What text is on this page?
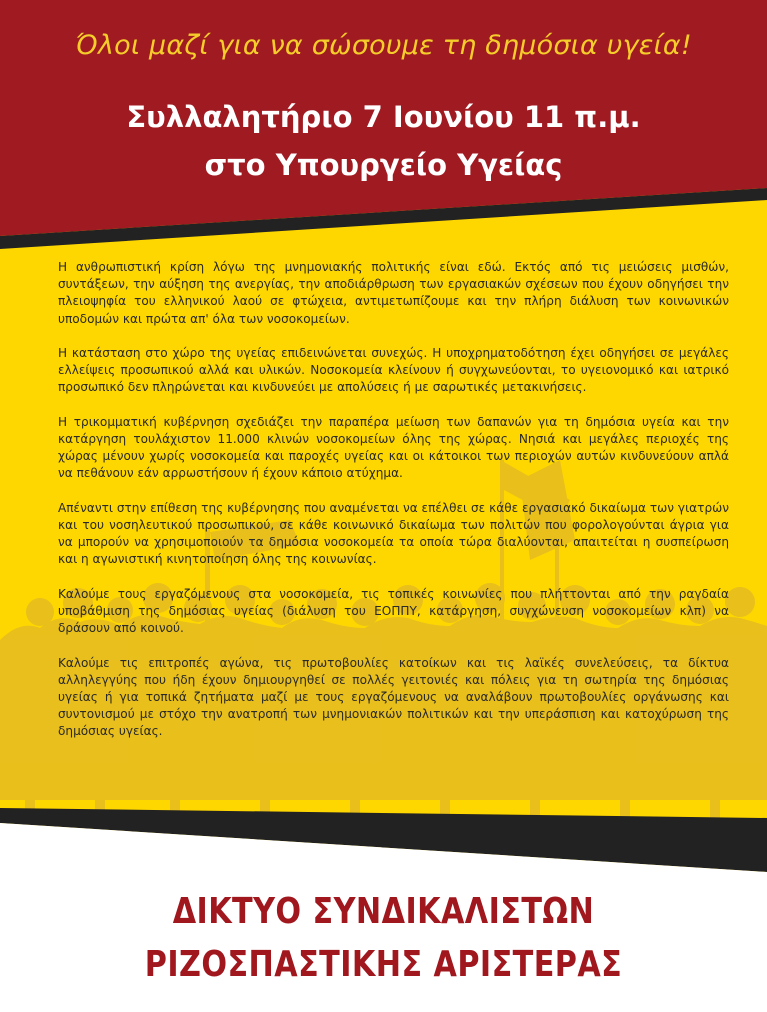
Όλοι μαζί για να σώσουμε τη δημόσια υγεία!
Συλλαλητήριο 7 Ιουνίου 11 π.μ.
στο Υπουργείο Υγείας

Η ανθρωπιστική κρίση λόγω της μνημονιακής πολιτικής είναι εδώ. Εκτός από τις μειώσεις μισθών, συντάξεων, την αύξηση της ανεργίας, την αποδιάρθρωση των εργασιακών σχέσεων που έχουν οδηγήσει την πλειοψηφία του ελληνικού λαού σε φτώχεια, αντιμετωπίζουμε και την πλήρη διάλυση των κοινωνικών υποδομών και πρώτα απ' όλα των νοσοκομείων.

Η κατάσταση στο χώρο της υγείας επιδεινώνεται συνεχώς. Η υποχρηματοδότηση έχει οδηγήσει σε μεγάλες ελλείψεις προσωπικού αλλά και υλικών. Νοσοκομεία κλείνουν ή συγχωνεύονται, το υγειονομικό και ιατρικό προσωπικό δεν πληρώνεται και κινδυνεύει με απολύσεις ή με σαρωτικές μετακινήσεις.

Η τρικομματική κυβέρνηση σχεδιάζει την παραπέρα μείωση των δαπανών για τη δημόσια υγεία και την κατάργηση τουλάχιστον 11.000 κλινών νοσοκομείων όλης της χώρας. Νησιά και μεγάλες περιοχές της χώρας μένουν χωρίς νοσοκομεία και παροχές υγείας και οι κάτοικοι των περιοχών αυτών κινδυνεύουν απλά να πεθάνουν εάν αρρωστήσουν ή έχουν κάποιο ατύχημα.

Απέναντι στην επίθεση της κυβέρνησης που αναμένεται να επέλθει σε κάθε εργασιακό δικαίωμα των γιατρών και του νοσηλευτικού προσωπικού, σε κάθε κοινωνικό δικαίωμα των πολιτών που φορολογούνται άγρια για να μπορούν να χρησιμοποιούν τα δημόσια νοσοκομεία τα οποία τώρα διαλύονται, απαιτείται η συσπείρωση και η αγωνιστική κινητοποίηση όλης της κοινωνίας.

Καλούμε τους εργαζόμενους στα νοσοκομεία, τις τοπικές κοινωνίες που πλήττονται από την ραγδαία υποβάθμιση της δημόσιας υγείας (διάλυση του ΕΟΠΠΥ, κατάργηση, συγχώνευση νοσοκομείων κλπ) να δράσουν από κοινού.

Καλούμε τις επιτροπές αγώνα, τις πρωτοβουλίες κατοίκων και τις λαϊκές συνελεύσεις, τα δίκτυα αλληλεγγύης που ήδη έχουν δημιουργηθεί σε πολλές γειτονιές και πόλεις για τη σωτηρία της δημόσιας υγείας ή για τοπικά ζητήματα μαζί με τους εργαζόμενους να αναλάβουν πρωτοβουλίες οργάνωσης και συντονισμού με στόχο την ανατροπή των μνημονιακών πολιτικών και την υπεράσπιση και κατοχύρωση της δημόσιας υγείας.

ΔΙΚΤΥΟ ΣΥΝΔΙΚΑΛΙΣΤΩΝ
ΡΙΖΟΣΠΑΣΤΙΚΗΣ ΑΡΙΣΤΕΡΑΣ
